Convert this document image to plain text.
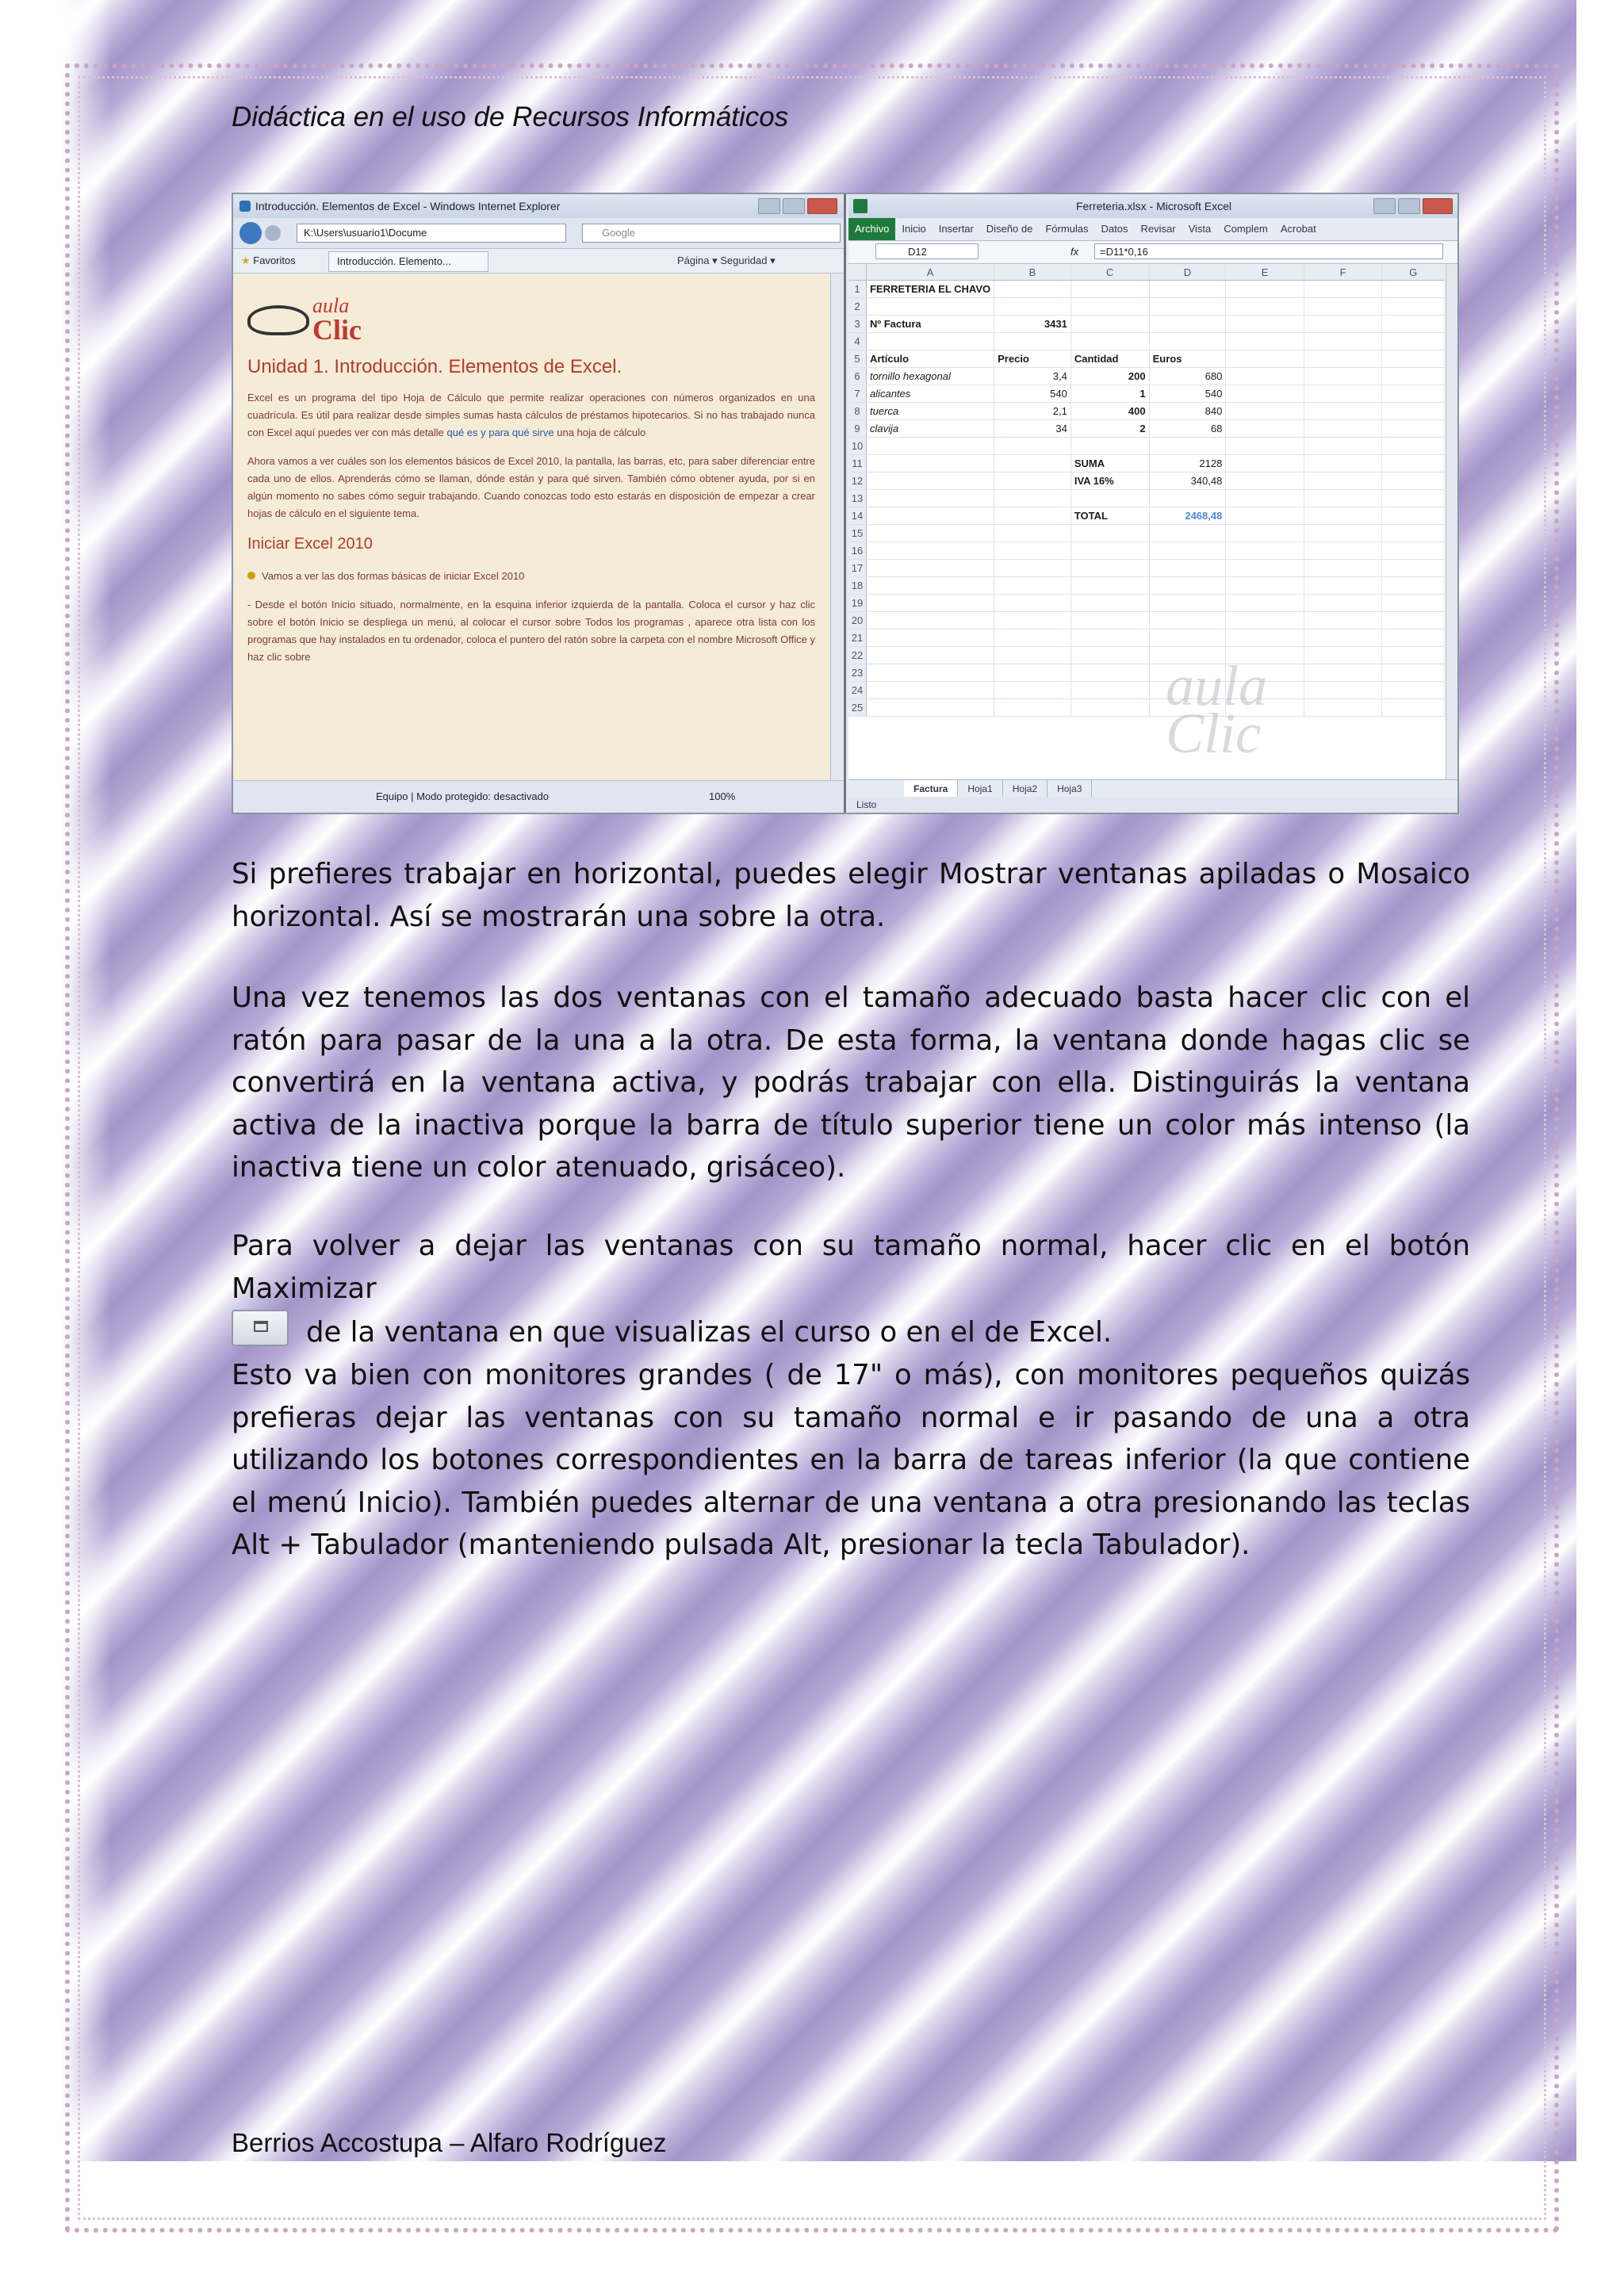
Didáctica en el uso de Recursos Informáticos
Introducción. Elementos de Excel - Windows Internet Explorer
K:\Users\usuario1\Docume	Google
★ Favoritos	Introducción. Elemento...	Página ▾ Seguridad ▾
aula
Clic
Unidad 1. Introducción. Elementos de Excel.

Excel es un programa del tipo Hoja de Cálculo que permite realizar operaciones con números organizados en una cuadrícula. Es útil para realizar desde simples sumas hasta cálculos de préstamos hipotecarios. Si no has trabajado nunca con Excel aquí puedes ver con más detalle qué es y para qué sirve una hoja de cálculo

Ahora vamos a ver cuáles son los elementos básicos de Excel 2010, la pantalla, las barras, etc, para saber diferenciar entre cada uno de ellos. Aprenderás cómo se llaman, dónde están y para qué sirven. También cómo obtener ayuda, por si en algún momento no sabes cómo seguir trabajando. Cuando conozcas todo esto estarás en disposición de empezar a crear hojas de cálculo en el siguiente tema.

Iniciar Excel 2010
Vamos a ver las dos formas básicas de iniciar Excel 2010

- Desde el botón Inicio situado, normalmente, en la esquina inferior izquierda de la pantalla. Coloca el cursor y haz clic sobre el botón Inicio se despliega un menú, al colocar el cursor sobre Todos los programas , aparece otra lista con los programas que hay instalados en tu ordenador, coloca el puntero del ratón sobre la carpeta con el nombre Microsoft Office y haz clic sobre

Equipo | Modo protegido: desactivado	100%
Ferreteria.xlsx - Microsoft Excel
Archivo	Inicio	Insertar	Diseño de	Fórmulas	Datos	Revisar	Vista	Complem	Acrobat
D12	fx	=D11*0,16
	A	B	C	D	E	F	G
1	FERRETERIA EL CHAVO						
2							
3	Nº Factura	3431					
4							
5	Artículo	Precio	Cantidad	Euros			
6	tornillo hexagonal	3,4	200	680			
7	alicantes	540	1	540			
8	tuerca	2,1	400	840			
9	clavija	34	2	68			
10							
11			SUMA	2128			
12			IVA 16%	340,48			
13							
14			TOTAL	2468,48			
15							
16							
17							
18							
19							
20							
21							
22							
23							
24							
25								aula
Clic
Factura Hoja1 Hoja2 Hoja3
Listo

Si prefieres trabajar en horizontal, puedes elegir Mostrar ventanas apiladas o Mosaico horizontal. Así se mostrarán una sobre la otra.

Una vez tenemos las dos ventanas con el tamaño adecuado basta hacer clic con el ratón para pasar de la una a la otra. De esta forma, la ventana donde hagas clic se convertirá en la ventana activa, y podrás trabajar con ella. Distinguirás la ventana activa de la inactiva porque la barra de título superior tiene un color más intenso (la inactiva tiene un color atenuado, grisáceo).

Para volver a dejar las ventanas con su tamaño normal, hacer clic en el botón Maximizar
de la ventana en que visualizas el curso o en el de Excel.

Esto va bien con monitores grandes ( de 17" o más), con monitores pequeños quizás prefieras dejar las ventanas con su tamaño normal e ir pasando de una a otra utilizando los botones correspondientes en la barra de tareas inferior (la que contiene el menú Inicio). También puedes alternar de una ventana a otra presionando las teclas Alt + Tabulador (manteniendo pulsada Alt, presionar la tecla Tabulador).

Berrios Accostupa – Alfaro Rodríguez
